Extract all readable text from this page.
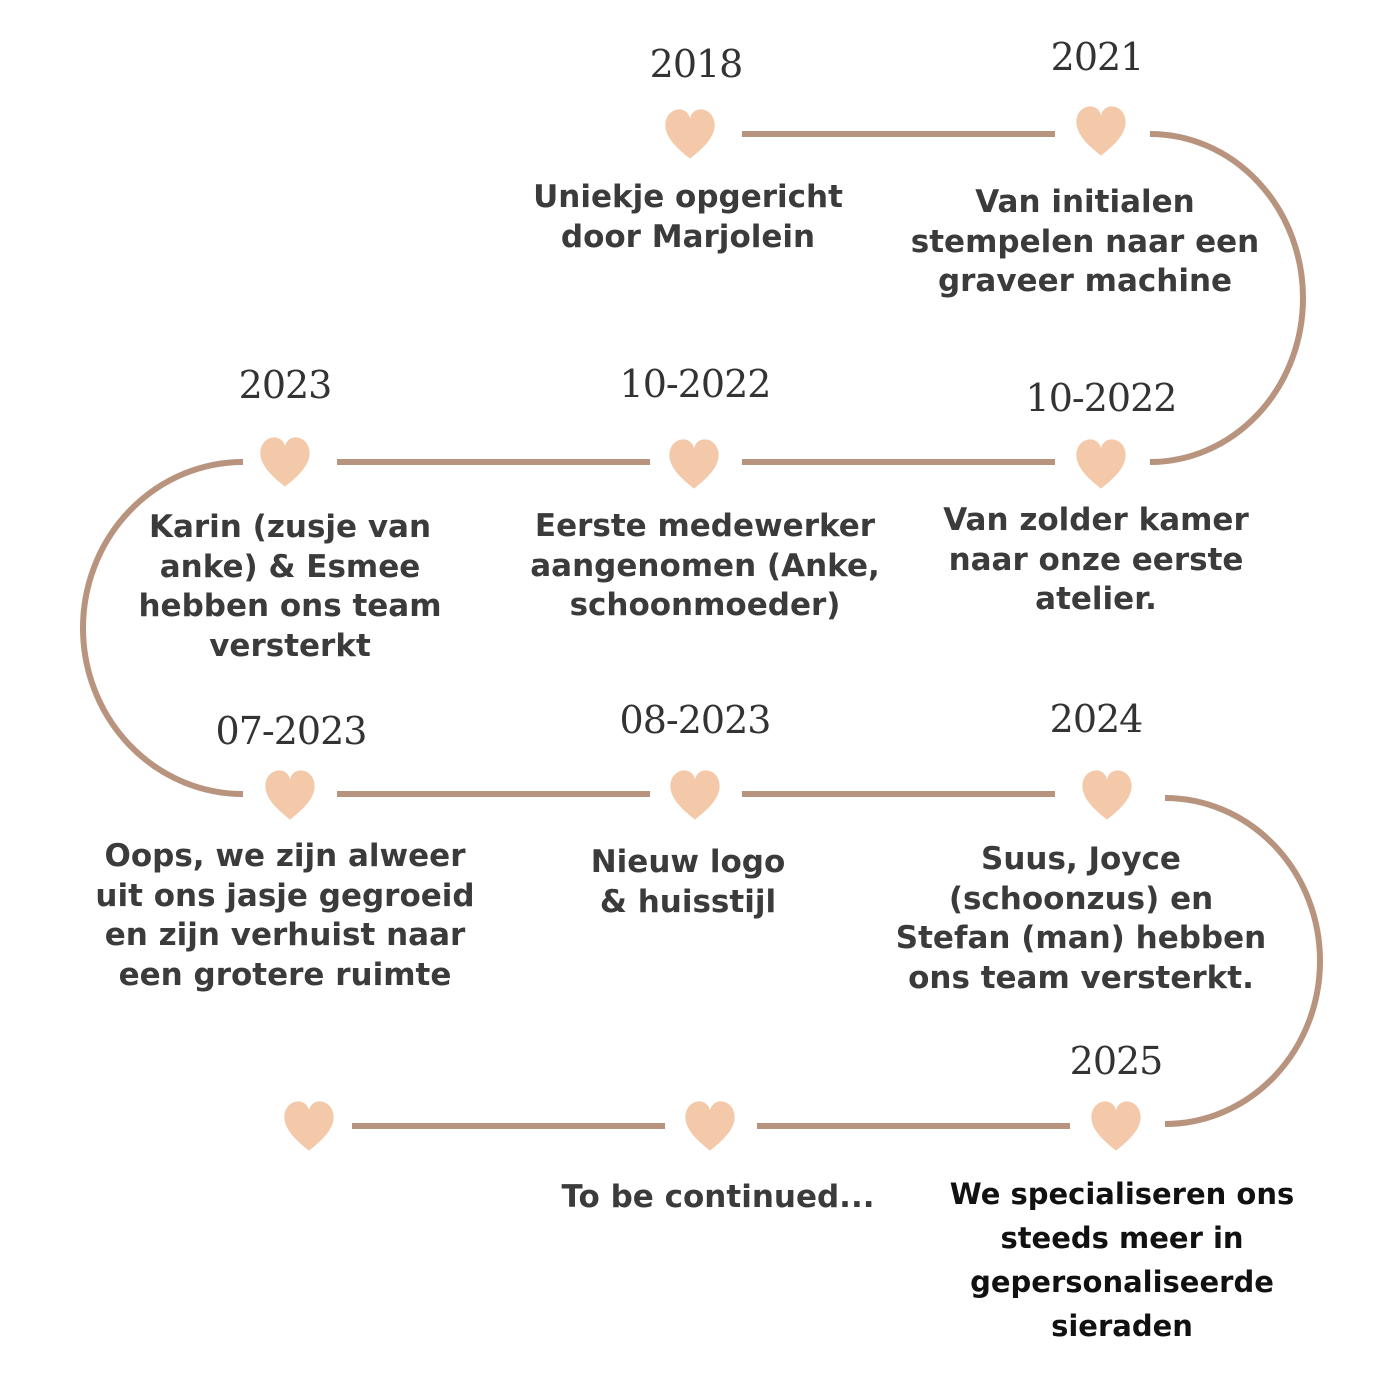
2018
Uniekje opgericht
door Marjolein
2021
Van initialen
stempelen naar een
graveer machine
10-2022
Van zolder kamer
naar onze eerste
atelier.
10-2022
Eerste medewerker
aangenomen (Anke,
schoonmoeder)
2023
Karin (zusje van
anke) & Esmee
hebben ons team
versterkt
07-2023
Oops, we zijn alweer
uit ons jasje gegroeid
en zijn verhuist naar
een grotere ruimte
08-2023
Nieuw logo
& huisstijl
2024
Suus, Joyce
(schoonzus) en
Stefan (man) hebben
ons team versterkt.
2025
We specialiseren ons
steeds meer in
gepersonaliseerde
sieraden
To be continued...
